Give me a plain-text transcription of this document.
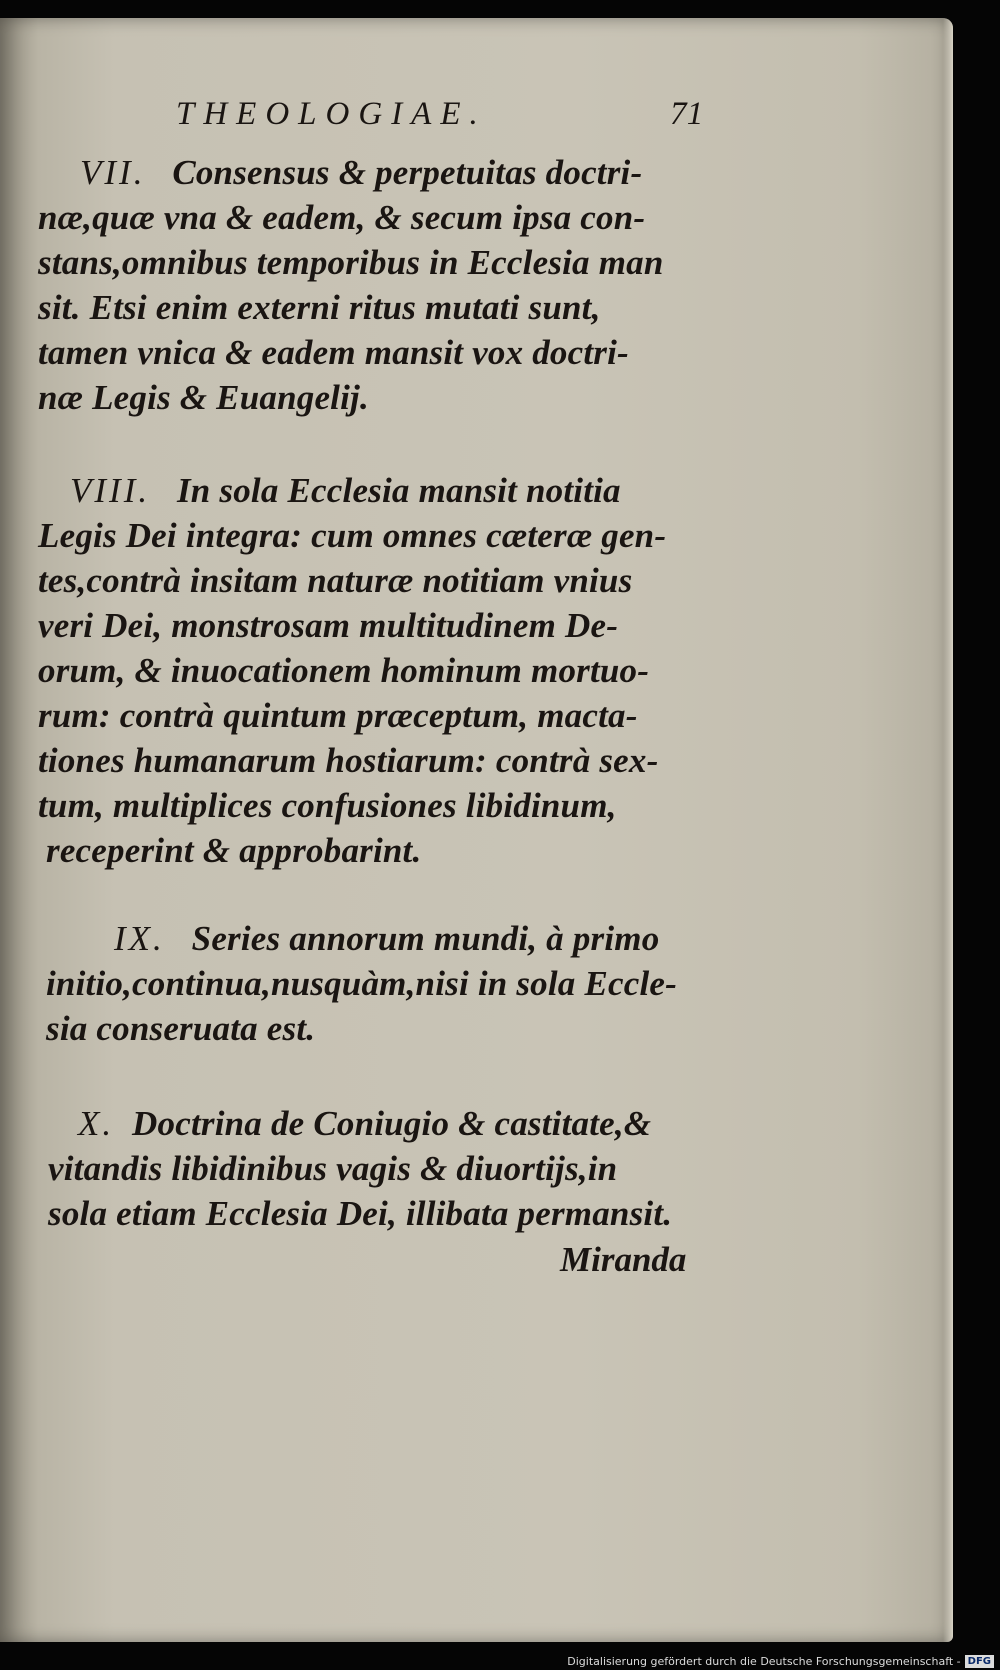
THEOLOGIAE.	71
VII. Consensus & perpetuitas doctri-
næ,quæ vna & eadem, & secum ipsa con-
stans,omnibus temporibus in Ecclesia man
sit. Etsi enim externi ritus mutati sunt,
tamen vnica & eadem mansit vox doctri-
næ Legis & Euangelij.
VIII. In sola Ecclesia mansit notitia
Legis Dei integra: cum omnes cæteræ gen-
tes,contrà insitam naturæ notitiam vnius
veri Dei, monstrosam multitudinem De-
orum, & inuocationem hominum mortuo-
rum: contrà quintum præceptum, macta-
tiones humanarum hostiarum: contrà sex-
tum, multiplices confusiones libidinum,
receperint & approbarint.
IX. Series annorum mundi, à primo
initio,continua,nusquàm,nisi in sola Eccle-
sia conseruata est.
X. Doctrina de Coniugio & castitate,&
vitandis libidinibus vagis & diuortijs,in
sola etiam Ecclesia Dei, illibata permansit.
Miranda
Digitalisierung gefördert durch die Deutsche Forschungsgemeinschaft - DFG
